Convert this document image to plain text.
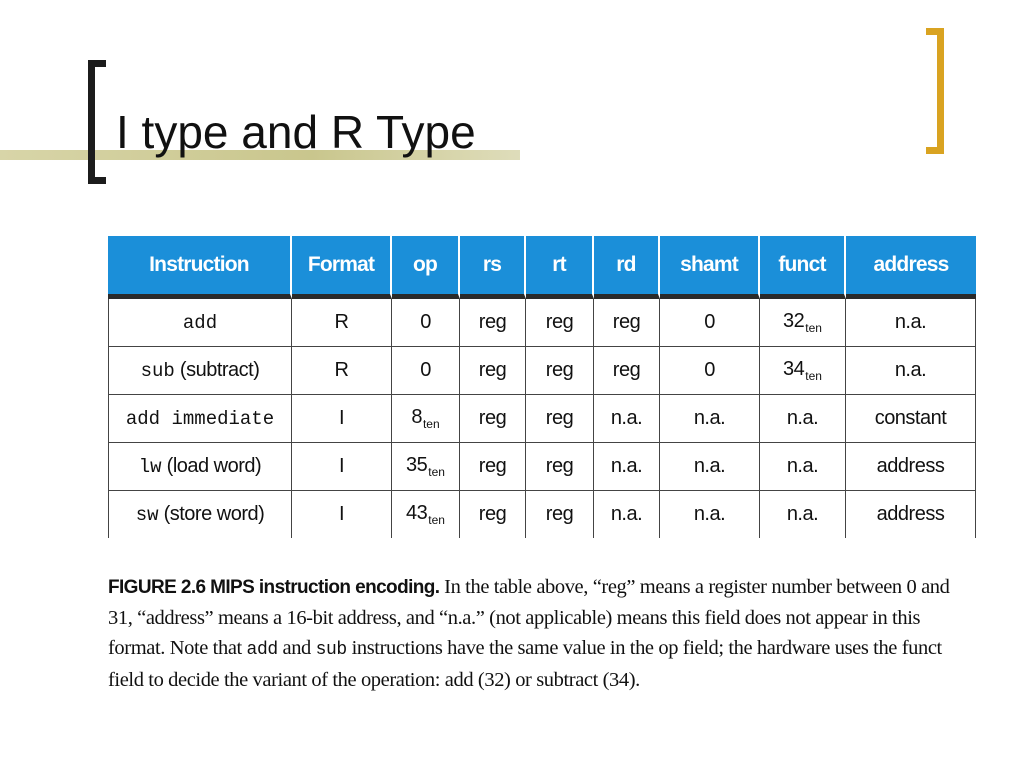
I type and R Type
Instruction	Format	op	rs	rt	rd	shamt	funct	address
add	R	0	reg	reg	reg	0	$32_{ten}$	n.a.
sub (subtract)	R	0	reg	reg	reg	0	$34_{ten}$	n.a.
add immediate	I	$8_{ten}$	reg	reg	n.a.	n.a.	n.a.	constant
lw (load word)	I	$35_{ten}$	reg	reg	n.a.	n.a.	n.a.	address
sw (store word)	I	$43_{ten}$	reg	reg	n.a.	n.a.	n.a.	address

FIGURE 2.6 MIPS instruction encoding. In the table above, “reg” means a register number between 0 and 31, “address” means a 16-bit address, and “n.a.” (not applicable) means this field does not appear in this format. Note that add and sub instructions have the same value in the op field; the hardware uses the funct field to decide the variant of the operation: add (32) or subtract (34).
